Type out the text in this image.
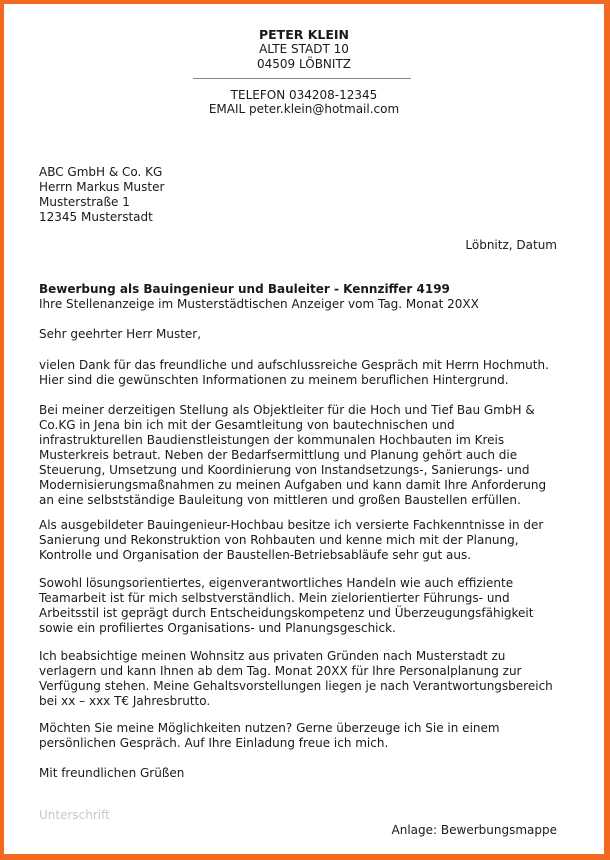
PETER KLEIN
ALTE STADT 10
04509 LÖBNITZ
TELEFON 034208-12345
EMAIL peter.klein@hotmail.com
ABC GmbH & Co. KG
Herrn Markus Muster
Musterstraße 1
12345 Musterstadt
Löbnitz, Datum
Bewerbung als Bauingenieur und Bauleiter - Kennziffer 4199
Ihre Stellenanzeige im Musterstädtischen Anzeiger vom Tag. Monat 20XX
Sehr geehrter Herr Muster,
vielen Dank für das freundliche und aufschlussreiche Gespräch mit Herrn Hochmuth.
Hier sind die gewünschten Informationen zu meinem beruflichen Hintergrund.
Bei meiner derzeitigen Stellung als Objektleiter für die Hoch und Tief Bau GmbH &
Co.KG in Jena bin ich mit der Gesamtleitung von bautechnischen und
infrastrukturellen Baudienstleistungen der kommunalen Hochbauten im Kreis
Musterkreis betraut. Neben der Bedarfsermittlung und Planung gehört auch die
Steuerung, Umsetzung und Koordinierung von Instandsetzungs-, Sanierungs- und
Modernisierungsmaßnahmen zu meinen Aufgaben und kann damit Ihre Anforderung
an eine selbstständige Bauleitung von mittleren und großen Baustellen erfüllen.
Als ausgebildeter Bauingenieur-Hochbau besitze ich versierte Fachkenntnisse in der
Sanierung und Rekonstruktion von Rohbauten und kenne mich mit der Planung,
Kontrolle und Organisation der Baustellen-Betriebsabläufe sehr gut aus.
Sowohl lösungsorientiertes, eigenverantwortliches Handeln wie auch effiziente
Teamarbeit ist für mich selbstverständlich. Mein zielorientierter Führungs- und
Arbeitsstil ist geprägt durch Entscheidungskompetenz und Überzeugungsfähigkeit
sowie ein profiliertes Organisations- und Planungsgeschick.
Ich beabsichtige meinen Wohnsitz aus privaten Gründen nach Musterstadt zu
verlagern und kann Ihnen ab dem Tag. Monat 20XX für Ihre Personalplanung zur
Verfügung stehen. Meine Gehaltsvorstellungen liegen je nach Verantwortungsbereich
bei xx – xxx T€ Jahresbrutto.
Möchten Sie meine Möglichkeiten nutzen? Gerne überzeuge ich Sie in einem
persönlichen Gespräch. Auf Ihre Einladung freue ich mich.
Mit freundlichen Grüßen
Unterschrift
Anlage: Bewerbungsmappe
